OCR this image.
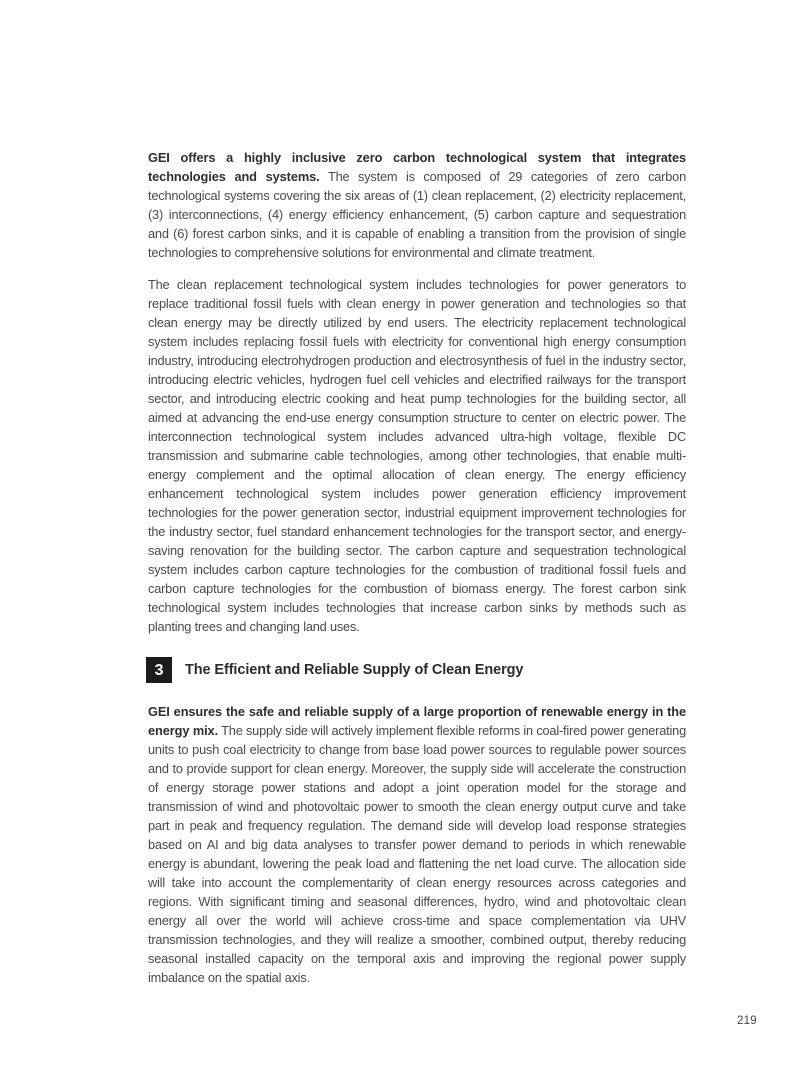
GEI offers a highly inclusive zero carbon technological system that integrates technologies and systems. The system is composed of 29 categories of zero carbon technological systems covering the six areas of (1) clean replacement, (2) electricity replacement, (3) interconnections, (4) energy efficiency enhancement, (5) carbon capture and sequestration and (6) forest carbon sinks, and it is capable of enabling a transition from the provision of single technologies to comprehensive solutions for environmental and climate treatment.

The clean replacement technological system includes technologies for power generators to replace traditional fossil fuels with clean energy in power generation and technologies so that clean energy may be directly utilized by end users. The electricity replacement technological system includes replacing fossil fuels with electricity for conventional high energy consumption industry, introducing electrohydrogen production and electrosynthesis of fuel in the industry sector, introducing electric vehicles, hydrogen fuel cell vehicles and electrified railways for the transport sector, and introducing electric cooking and heat pump technologies for the building sector, all aimed at advancing the end-use energy consumption structure to center on electric power. The interconnection technological system includes advanced ultra-high voltage, flexible DC transmission and submarine cable technologies, among other technologies, that enable multi-energy complement and the optimal allocation of clean energy. The energy efficiency enhancement technological system includes power generation efficiency improvement technologies for the power generation sector, industrial equipment improvement technologies for the industry sector, fuel standard enhancement technologies for the transport sector, and energy-saving renovation for the building sector. The carbon capture and sequestration technological system includes carbon capture technologies for the combustion of traditional fossil fuels and carbon capture technologies for the combustion of biomass energy. The forest carbon sink technological system includes technologies that increase carbon sinks by methods such as planting trees and changing land uses.

3	The Efficient and Reliable Supply of Clean Energy

GEI ensures the safe and reliable supply of a large proportion of renewable energy in the energy mix. The supply side will actively implement flexible reforms in coal-fired power generating units to push coal electricity to change from base load power sources to regulable power sources and to provide support for clean energy. Moreover, the supply side will accelerate the construction of energy storage power stations and adopt a joint operation model for the storage and transmission of wind and photovoltaic power to smooth the clean energy output curve and take part in peak and frequency regulation. The demand side will develop load response strategies based on AI and big data analyses to transfer power demand to periods in which renewable energy is abundant, lowering the peak load and flattening the net load curve. The allocation side will take into account the complementarity of clean energy resources across categories and regions. With significant timing and seasonal differences, hydro, wind and photovoltaic clean energy all over the world will achieve cross-time and space complementation via UHV transmission technologies, and they will realize a smoother, combined output, thereby reducing seasonal installed capacity on the temporal axis and improving the regional power supply imbalance on the spatial axis.

219
